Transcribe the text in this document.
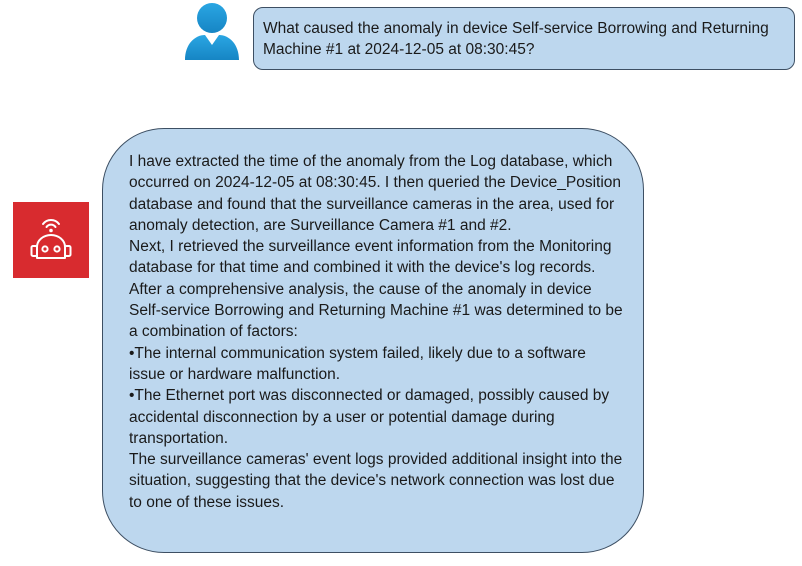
What caused the anomaly in device Self-service Borrowing and Returning Machine #1 at 2024-12-05 at 08:30:45?

I have extracted the time of the anomaly from the Log database, which occurred on 2024-12-05 at 08:30:45. I then queried the Device_Position database and found that the surveillance cameras in the area, used for anomaly detection, are Surveillance Camera #1 and #2.

Next, I retrieved the surveillance event information from the Monitoring database for that time and combined it with the device's log records. After a comprehensive analysis, the cause of the anomaly in device Self-service Borrowing and Returning Machine #1 was determined to be a combination of factors:

•The internal communication system failed, likely due to a software issue or hardware malfunction.

•The Ethernet port was disconnected or damaged, possibly caused by accidental disconnection by a user or potential damage during transportation.

The surveillance cameras' event logs provided additional insight into the situation, suggesting that the device's network connection was lost due to one of these issues.
